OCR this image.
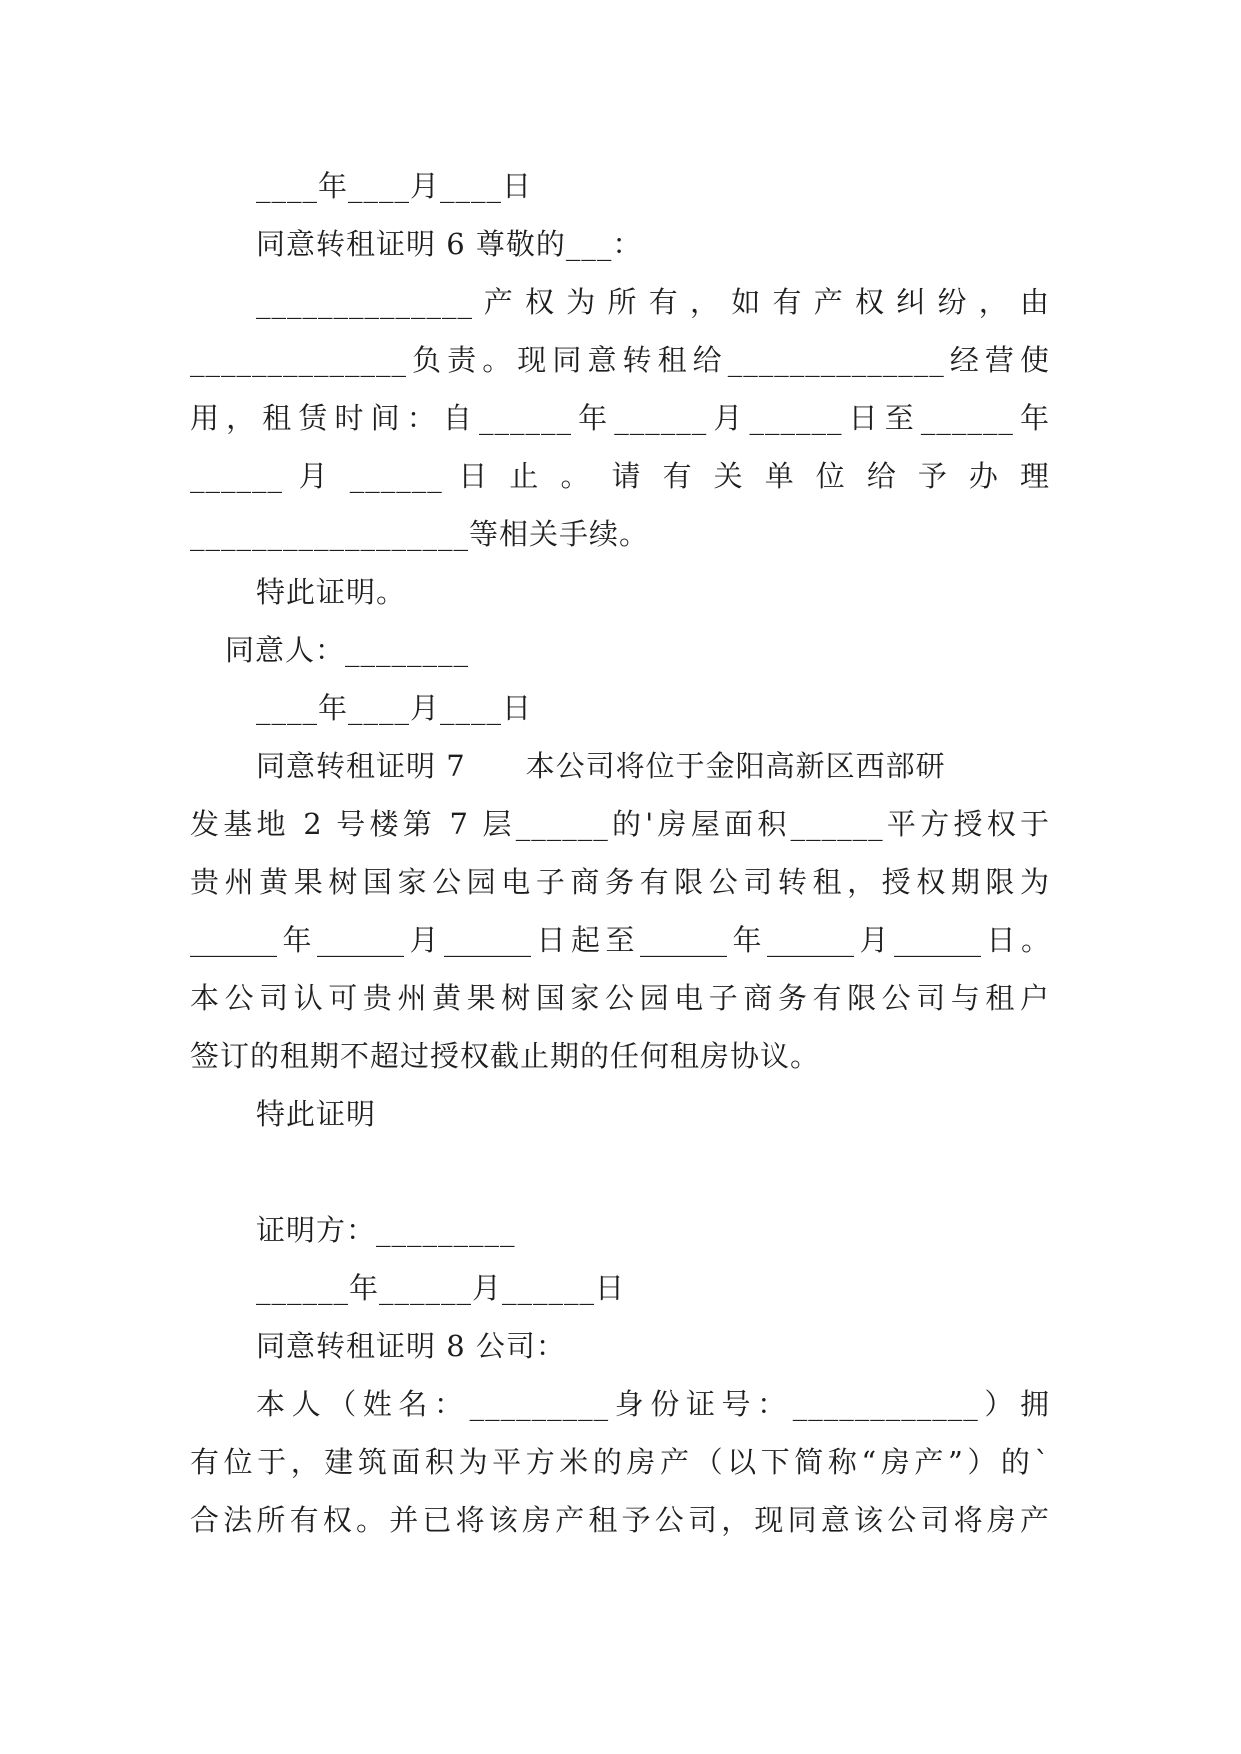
____年____月____日
同意转租证明 6 尊敬的___：
______________ 产 权 为 所 有 ， 如 有 产 权 纠 纷 ， 由
______________负责。现同意转租给______________经营使
用，租赁时间：自______年______月______日至______年
______ 月 ______ 日 止 。 请 有 关 单 位 给 予 办 理
__________________等相关手续。
特此证明。
同意人：________
____年____月____日
同意转租证明 7　　本公司将位于金阳高新区西部研
发基地 2 号楼第 7 层______的'房屋面积______平方授权于
贵州黄果树国家公园电子商务有限公司转租，授权期限为
______年______月______日起至______年______月______日。
本公司认可贵州黄果树国家公园电子商务有限公司与租户
签订的租期不超过授权截止期的任何租房协议。
特此证明
证明方：_________
______年______月______日
同意转租证明 8 公司：
本人（姓名：_________身份证号：____________）拥
有位于，建筑面积为平方米的房产（以下简称“房产”）的`
合法所有权。并已将该房产租予公司，现同意该公司将房产
